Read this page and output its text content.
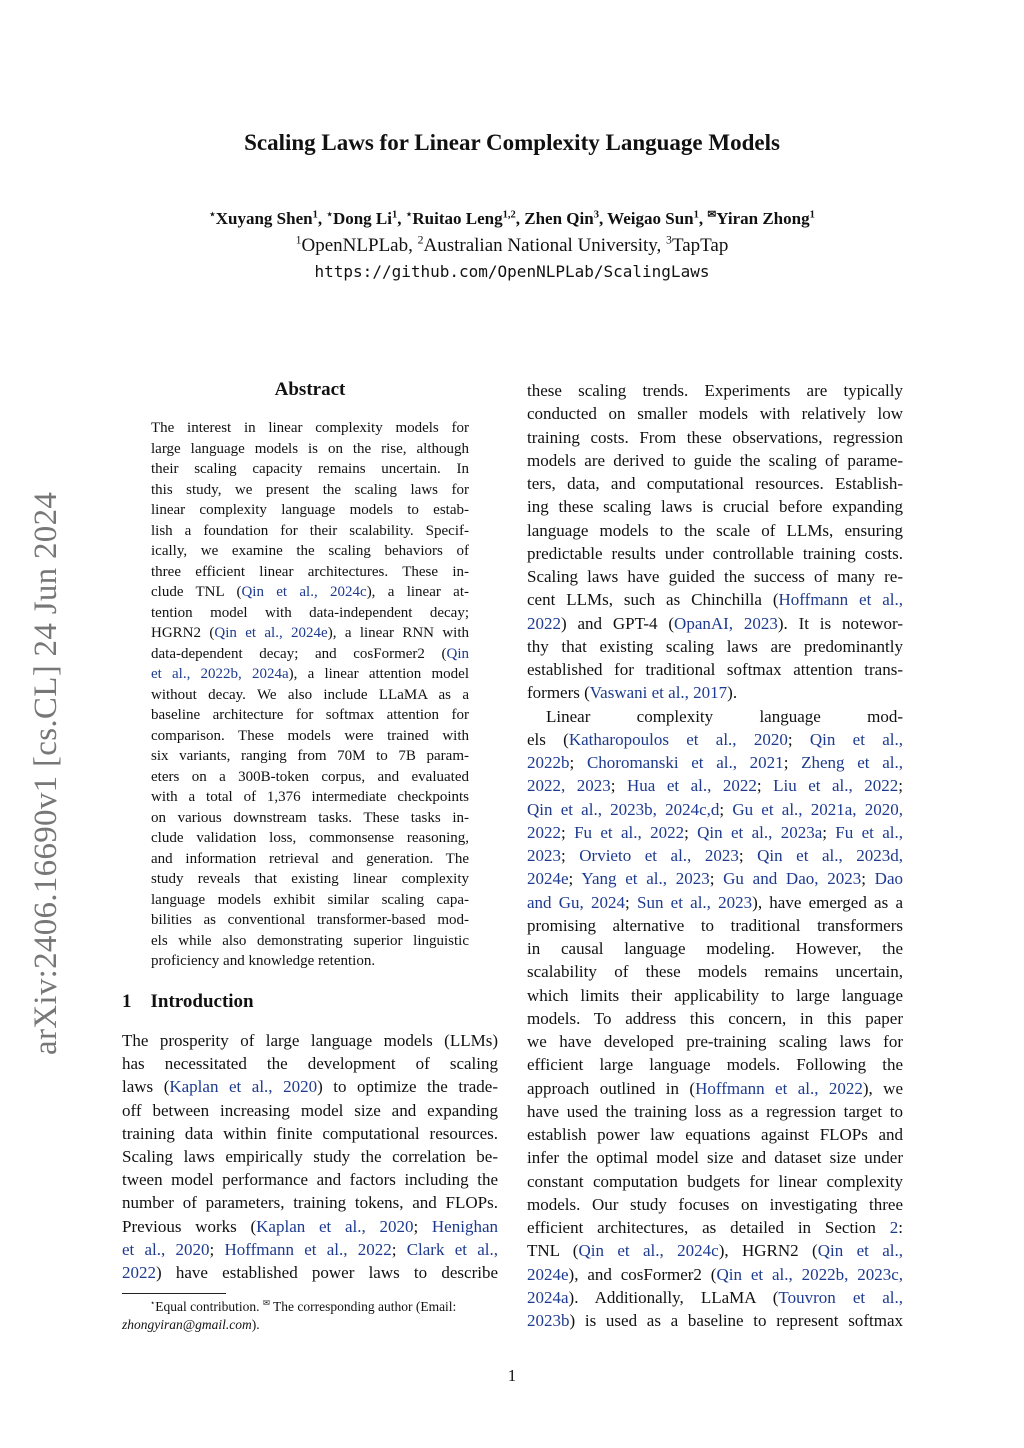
Scaling Laws for Linear Complexity Language Models
⋆Xuyang Shen$^1$, ⋆Dong Li$^1$, ⋆Ruitao Leng$^{1,2}$, Zhen Qin$^3$, Weigao Sun$^1$, ✉Yiran Zhong$^1$
$^1$OpenNLPLab, $^2$Australian National University, $^3$TapTap
https://github.com/OpenNLPLab/ScalingLaws
arXiv:2406.16690v1 [cs.CL] 24 Jun 2024
Abstract
The interest in linear complexity models for
large language models is on the rise, although
their scaling capacity remains uncertain. In
this study, we present the scaling laws for
linear complexity language models to estab-
lish a foundation for their scalability. Specif-
ically, we examine the scaling behaviors of
three efficient linear architectures. These in-
clude TNL (Qin et al., 2024c), a linear at-
tention model with data-independent decay;
HGRN2 (Qin et al., 2024e), a linear RNN with
data-dependent decay; and cosFormer2 (Qin
et al., 2022b, 2024a), a linear attention model
without decay. We also include LLaMA as a
baseline architecture for softmax attention for
comparison. These models were trained with
six variants, ranging from 70M to 7B param-
eters on a 300B-token corpus, and evaluated
with a total of 1,376 intermediate checkpoints
on various downstream tasks. These tasks in-
clude validation loss, commonsense reasoning,
and information retrieval and generation. The
study reveals that existing linear complexity
language models exhibit similar scaling capa-
bilities as conventional transformer-based mod-
els while also demonstrating superior linguistic
proficiency and knowledge retention.
1 Introduction
The prosperity of large language models (LLMs)
has necessitated the development of scaling
laws (Kaplan et al., 2020) to optimize the trade-
off between increasing model size and expanding
training data within finite computational resources.
Scaling laws empirically study the correlation be-
tween model performance and factors including the
number of parameters, training tokens, and FLOPs.
Previous works (Kaplan et al., 2020; Henighan
et al., 2020; Hoffmann et al., 2022; Clark et al.,
2022) have established power laws to describe
⋆Equal contribution. ✉ The corresponding author (Email:
zhongyiran@gmail.com).
these scaling trends. Experiments are typically
conducted on smaller models with relatively low
training costs. From these observations, regression
models are derived to guide the scaling of parame-
ters, data, and computational resources. Establish-
ing these scaling laws is crucial before expanding
language models to the scale of LLMs, ensuring
predictable results under controllable training costs.
Scaling laws have guided the success of many re-
cent LLMs, such as Chinchilla (Hoffmann et al.,
2022) and GPT-4 (OpanAI, 2023). It is notewor-
thy that existing scaling laws are predominantly
established for traditional softmax attention trans-
formers (Vaswani et al., 2017).
Linear complexity language mod-
els (Katharopoulos et al., 2020; Qin et al.,
2022b; Choromanski et al., 2021; Zheng et al.,
2022, 2023; Hua et al., 2022; Liu et al., 2022;
Qin et al., 2023b, 2024c,d; Gu et al., 2021a, 2020,
2022; Fu et al., 2022; Qin et al., 2023a; Fu et al.,
2023; Orvieto et al., 2023; Qin et al., 2023d,
2024e; Yang et al., 2023; Gu and Dao, 2023; Dao
and Gu, 2024; Sun et al., 2023), have emerged as a
promising alternative to traditional transformers
in causal language modeling. However, the
scalability of these models remains uncertain,
which limits their applicability to large language
models. To address this concern, in this paper
we have developed pre-training scaling laws for
efficient large language models. Following the
approach outlined in (Hoffmann et al., 2022), we
have used the training loss as a regression target to
establish power law equations against FLOPs and
infer the optimal model size and dataset size under
constant computation budgets for linear complexity
models. Our study focuses on investigating three
efficient architectures, as detailed in Section 2:
TNL (Qin et al., 2024c), HGRN2 (Qin et al.,
2024e), and cosFormer2 (Qin et al., 2022b, 2023c,
2024a). Additionally, LLaMA (Touvron et al.,
2023b) is used as a baseline to represent softmax
1
